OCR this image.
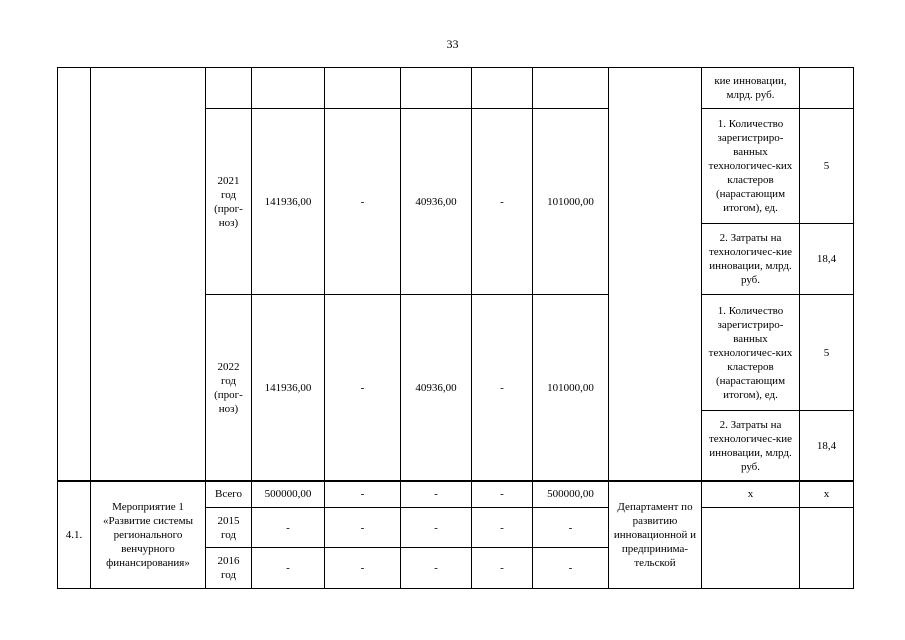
33
									кие инновации, млрд. руб.	
		2021 год (прог-ноз)	141936,00	-	40936,00	-	101000,00		1. Количество зарегистриро-ванных технологичес-ких кластеров (нарастающим итогом), ед.	5
									2. Затраты на технологичес-кие инновации, млрд. руб.	18,4
		2022 год (прог-ноз)	141936,00	-	40936,00	-	101000,00		1. Количество зарегистриро-ванных технологичес-ких кластеров (нарастающим итогом), ед.	5
									2. Затраты на технологичес-кие инновации, млрд. руб.	18,4
4.1.	Мероприятие 1 «Развитие системы регионального венчурного финансирования»	Всего	500000,00	-	-	-	500000,00	Департамент по развитию инновационной и предпринима-тельской	х	х
		2015 год	-	-	-	-	-			
		2016 год	-	-	-	-	-			
